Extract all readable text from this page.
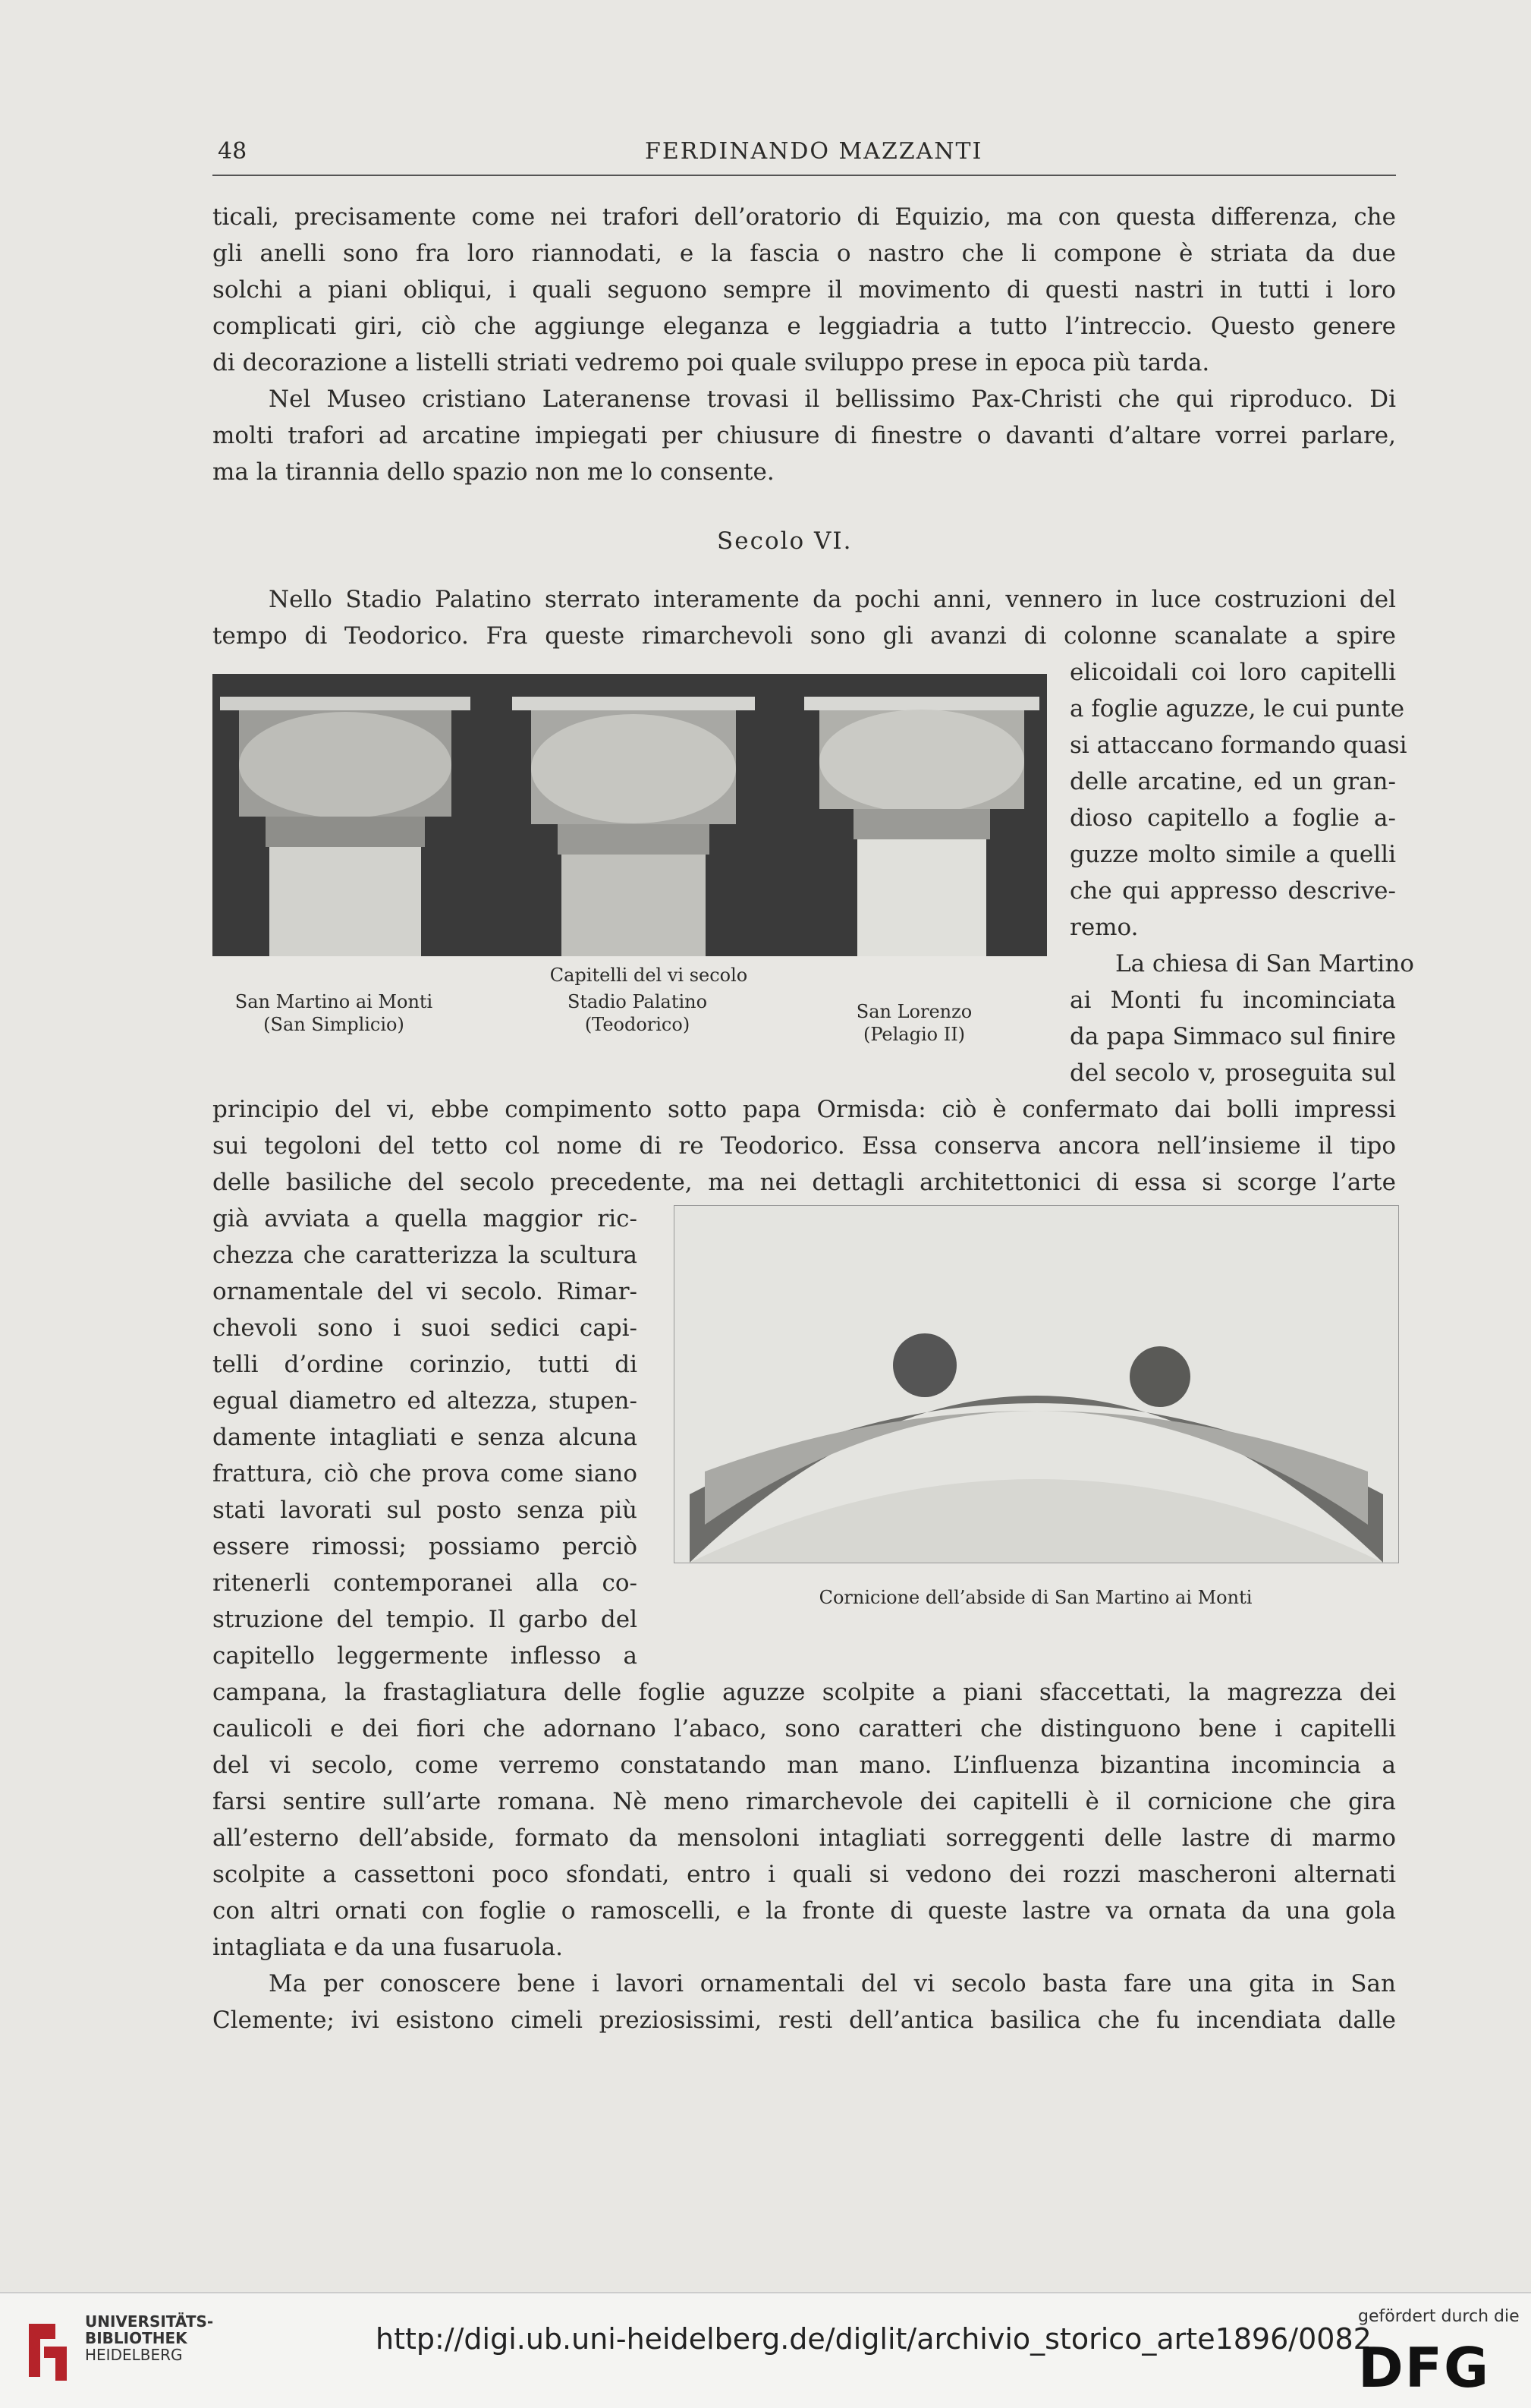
48	FERDINANDO MAZZANTI
ticali, precisamente come nei trafori dell’oratorio di Equizio, ma con questa differenza, che
gli anelli sono fra loro riannodati, e la fascia o nastro che li compone è striata da due
solchi a piani obliqui, i quali seguono sempre il movimento di questi nastri in tutti i loro
complicati giri, ciò che aggiunge eleganza e leggiadria a tutto l’intreccio. Questo genere
di decorazione a listelli striati vedremo poi quale sviluppo prese in epoca più tarda.
Nel Museo cristiano Lateranense trovasi il bellissimo Pax-Christi che qui riproduco. Di
molti trafori ad arcatine impiegati per chiusure di finestre o davanti d’altare vorrei parlare,
ma la tirannia dello spazio non me lo consente.
Secolo VI.
Nello Stadio Palatino sterrato interamente da pochi anni, vennero in luce costruzioni del
tempo di Teodorico. Fra queste rimarchevoli sono gli avanzi di colonne scanalate a spire
elicoidali coi loro capitelli
a foglie aguzze, le cui punte
si attaccano formando quasi
delle arcatine, ed un gran-
dioso capitello a foglie a-
guzze molto simile a quelli
che qui appresso descrive-
remo.
La chiesa di San Martino
ai Monti fu incominciata
da papa Simmaco sul finire
del secolo v, proseguita sul
Capitelli del vi secolo
San Martino ai Monti
(San Simplicio)
Stadio Palatino
(Teodorico)
San Lorenzo
(Pelagio II)
principio del vi, ebbe compimento sotto papa Ormisda: ciò è confermato dai bolli impressi
sui tegoloni del tetto col nome di re Teodorico. Essa conserva ancora nell’insieme il tipo
delle basiliche del secolo precedente, ma nei dettagli architettonici di essa si scorge l’arte
già avviata a quella maggior ric-
chezza che caratterizza la scultura
ornamentale del vi secolo. Rimar-
chevoli sono i suoi sedici capi-
telli d’ordine corinzio, tutti di
egual diametro ed altezza, stupen-
damente intagliati e senza alcuna
frattura, ciò che prova come siano
stati lavorati sul posto senza più
essere rimossi; possiamo perciò
ritenerli contemporanei alla co-
struzione del tempio. Il garbo del
capitello leggermente inflesso a
Cornicione dell’abside di San Martino ai Monti
campana, la frastagliatura delle foglie aguzze scolpite a piani sfaccettati, la magrezza dei
caulicoli e dei fiori che adornano l’abaco, sono caratteri che distinguono bene i capitelli
del vi secolo, come verremo constatando man mano. L’influenza bizantina incomincia a
farsi sentire sull’arte romana. Nè meno rimarchevole dei capitelli è il cornicione che gira
all’esterno dell’abside, formato da mensoloni intagliati sorreggenti delle lastre di marmo
scolpite a cassettoni poco sfondati, entro i quali si vedono dei rozzi mascheroni alternati
con altri ornati con foglie o ramoscelli, e la fronte di queste lastre va ornata da una gola
intagliata e da una fusaruola.
Ma per conoscere bene i lavori ornamentali del vi secolo basta fare una gita in San
Clemente; ivi esistono cimeli preziosissimi, resti dell’antica basilica che fu incendiata dalle
UNIVERSITÄTS-
BIBLIOTHEK
HEIDELBERG	http://digi.ub.uni-heidelberg.de/diglit/archivio_storico_arte1896/0082
gefördert durch die
DFG
